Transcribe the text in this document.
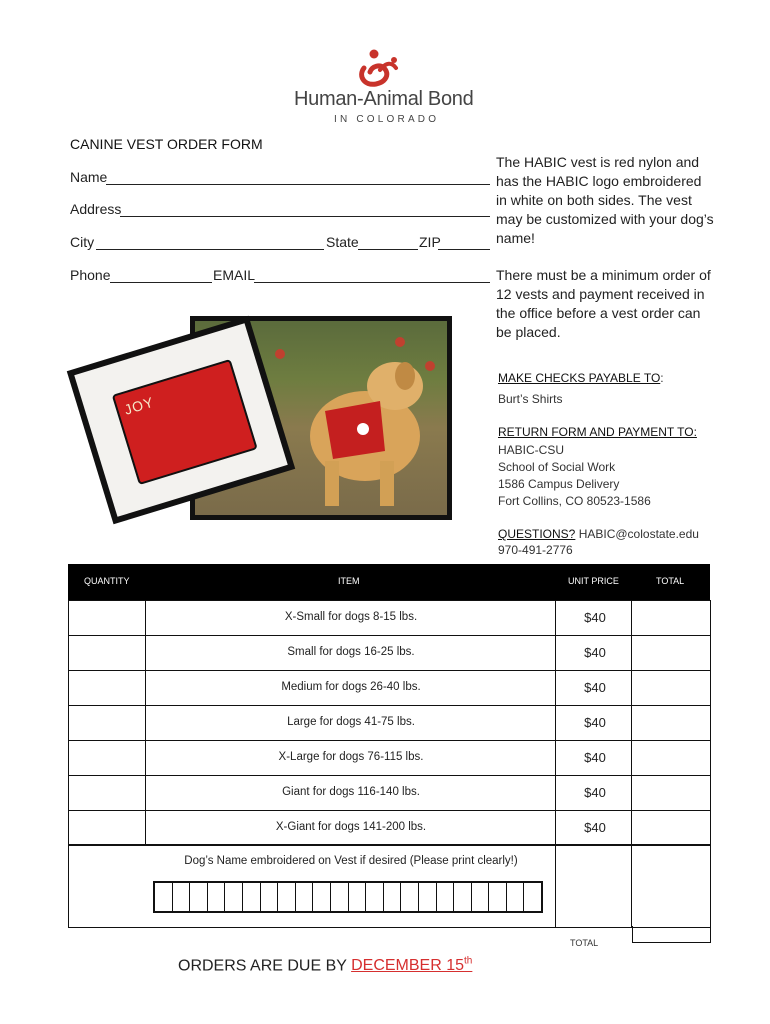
Human-Animal Bond
IN COLORADO
CANINE VEST ORDER FORM
Name
Address
City	State	ZIP
Phone	EMAIL
The HABIC vest is red nylon and has the HABIC logo embroidered in white on both sides. The vest may be customized with your dog’s name!
There must be a minimum order of 12 vests and payment received in the office before a vest order can be placed.
JOY
MAKE CHECKS PAYABLE TO:
Burt’s Shirts
RETURN FORM AND PAYMENT TO:
HABIC-CSU
School of Social Work
1586 Campus Delivery
Fort Collins, CO 80523-1586
QUESTIONS? HABIC@colostate.edu
970-491-2776
QUANTITY	ITEM	UNIT PRICE	TOTAL
X-Small for dogs 8-15 lbs.	$40
Small for dogs 16-25 lbs.	$40
Medium for dogs 26-40 lbs.	$40
Large for dogs 41-75 lbs.	$40
X-Large for dogs 76-115 lbs.	$40
Giant for dogs 116-140 lbs.	$40
X-Giant for dogs 141-200 lbs.	$40
Dog’s Name embroidered on Vest if desired (Please print clearly!)
TOTAL
ORDERS ARE DUE BY DECEMBER 15th
